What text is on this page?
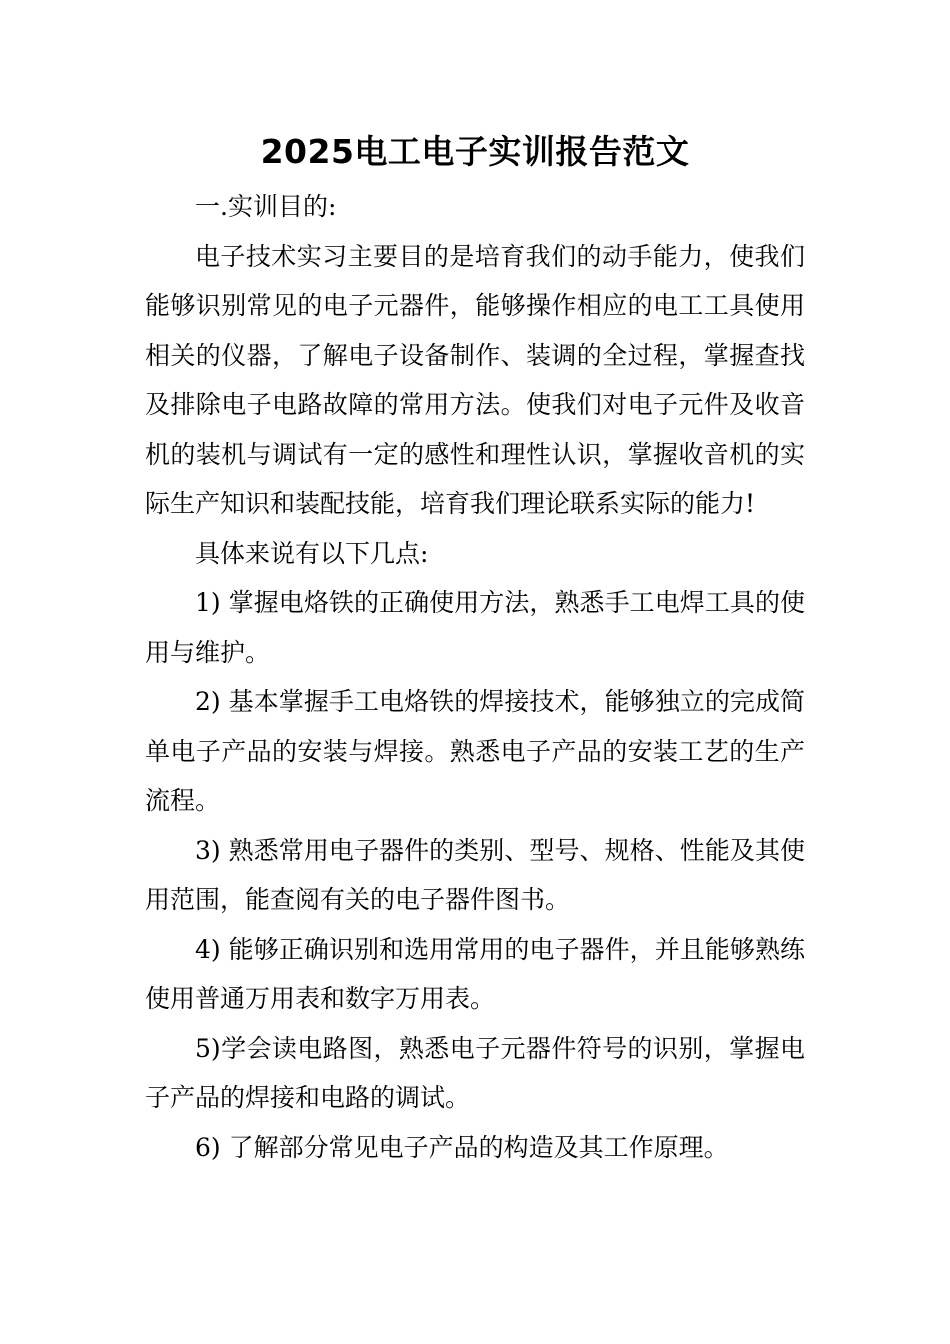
2025电工电子实训报告范文

一.实训目的:

电子技术实习主要目的是培育我们的动手能力，使我们能够识别常见的电子元器件，能够操作相应的电工工具使用相关的仪器，了解电子设备制作、装调的全过程，掌握查找及排除电子电路故障的常用方法。使我们对电子元件及收音机的装机与调试有一定的感性和理性认识，掌握收音机的实际生产知识和装配技能，培育我们理论联系实际的能力!

具体来说有以下几点:

1) 掌握电烙铁的正确使用方法，熟悉手工电焊工具的使用与维护。

2) 基本掌握手工电烙铁的焊接技术，能够独立的完成简单电子产品的安装与焊接。熟悉电子产品的安装工艺的生产流程。

3) 熟悉常用电子器件的类别、型号、规格、性能及其使用范围，能查阅有关的电子器件图书。

4) 能够正确识别和选用常用的电子器件，并且能够熟练使用普通万用表和数字万用表。

5)学会读电路图，熟悉电子元器件符号的识别，掌握电子产品的焊接和电路的调试。

6) 了解部分常见电子产品的构造及其工作原理。
